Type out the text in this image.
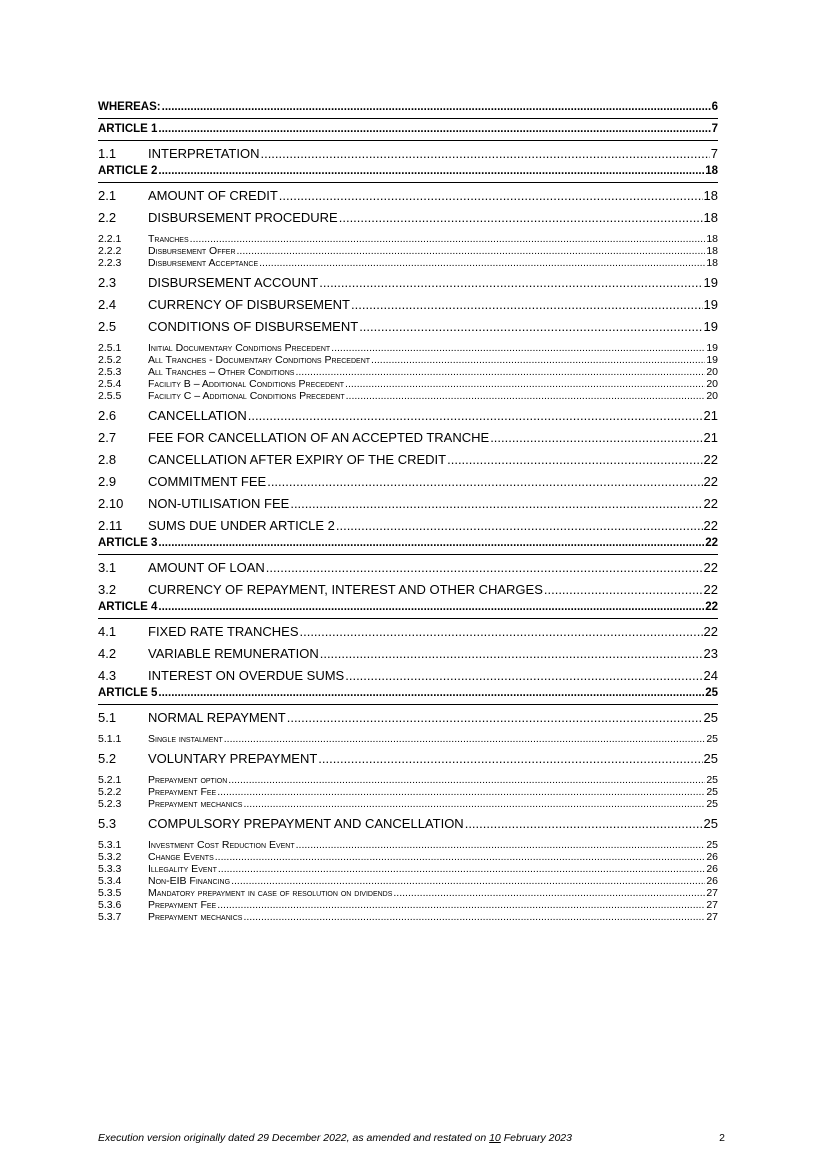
WHEREAS: .....	6
ARTICLE 1 .....	7
1.1	INTERPRETATION .....	7
ARTICLE 2 .....	18
2.1	AMOUNT OF CREDIT .....	18
2.2	DISBURSEMENT PROCEDURE .....	18
2.2.1	Tranches .....	18
2.2.2	Disbursement Offer .....	18
2.2.3	Disbursement Acceptance .....	18
2.3	DISBURSEMENT ACCOUNT .....	19
2.4	CURRENCY OF DISBURSEMENT .....	19
2.5	CONDITIONS OF DISBURSEMENT .....	19
2.5.1	Initial Documentary Conditions Precedent .....	19
2.5.2	All Tranches - Documentary Conditions Precedent .....	19
2.5.3	All Tranches – Other Conditions .....	20
2.5.4	Facility B – Additional Conditions Precedent .....	20
2.5.5	Facility C – Additional Conditions Precedent .....	20
2.6	CANCELLATION .....	21
2.7	FEE FOR CANCELLATION OF AN ACCEPTED TRANCHE .....	21
2.8	CANCELLATION AFTER EXPIRY OF THE CREDIT .....	22
2.9	COMMITMENT FEE .....	22
2.10	NON-UTILISATION FEE .....	22
2.11	SUMS DUE UNDER ARTICLE 2 .....	22
ARTICLE 3 .....	22
3.1	AMOUNT OF LOAN .....	22
3.2	CURRENCY OF REPAYMENT, INTEREST AND OTHER CHARGES .....	22
ARTICLE 4 .....	22
4.1	FIXED RATE TRANCHES .....	22
4.2	VARIABLE REMUNERATION .....	23
4.3	INTEREST ON OVERDUE SUMS .....	24
ARTICLE 5 .....	25
5.1	NORMAL REPAYMENT .....	25
5.1.1	Single instalment .....	25
5.2	VOLUNTARY PREPAYMENT .....	25
5.2.1	Prepayment option .....	25
5.2.2	Prepayment Fee .....	25
5.2.3	Prepayment mechanics .....	25
5.3	COMPULSORY PREPAYMENT AND CANCELLATION .....	25
5.3.1	Investment Cost Reduction Event .....	25
5.3.2	Change Events .....	26
5.3.3	Illegality Event .....	26
5.3.4	Non-EIB Financing .....	26
5.3.5	Mandatory prepayment in case of resolution on dividends .....	27
5.3.6	Prepayment Fee .....	27
5.3.7	Prepayment mechanics .....	27
Execution version originally dated 29 December 2022, as amended and restated on 10 February 2023	2
